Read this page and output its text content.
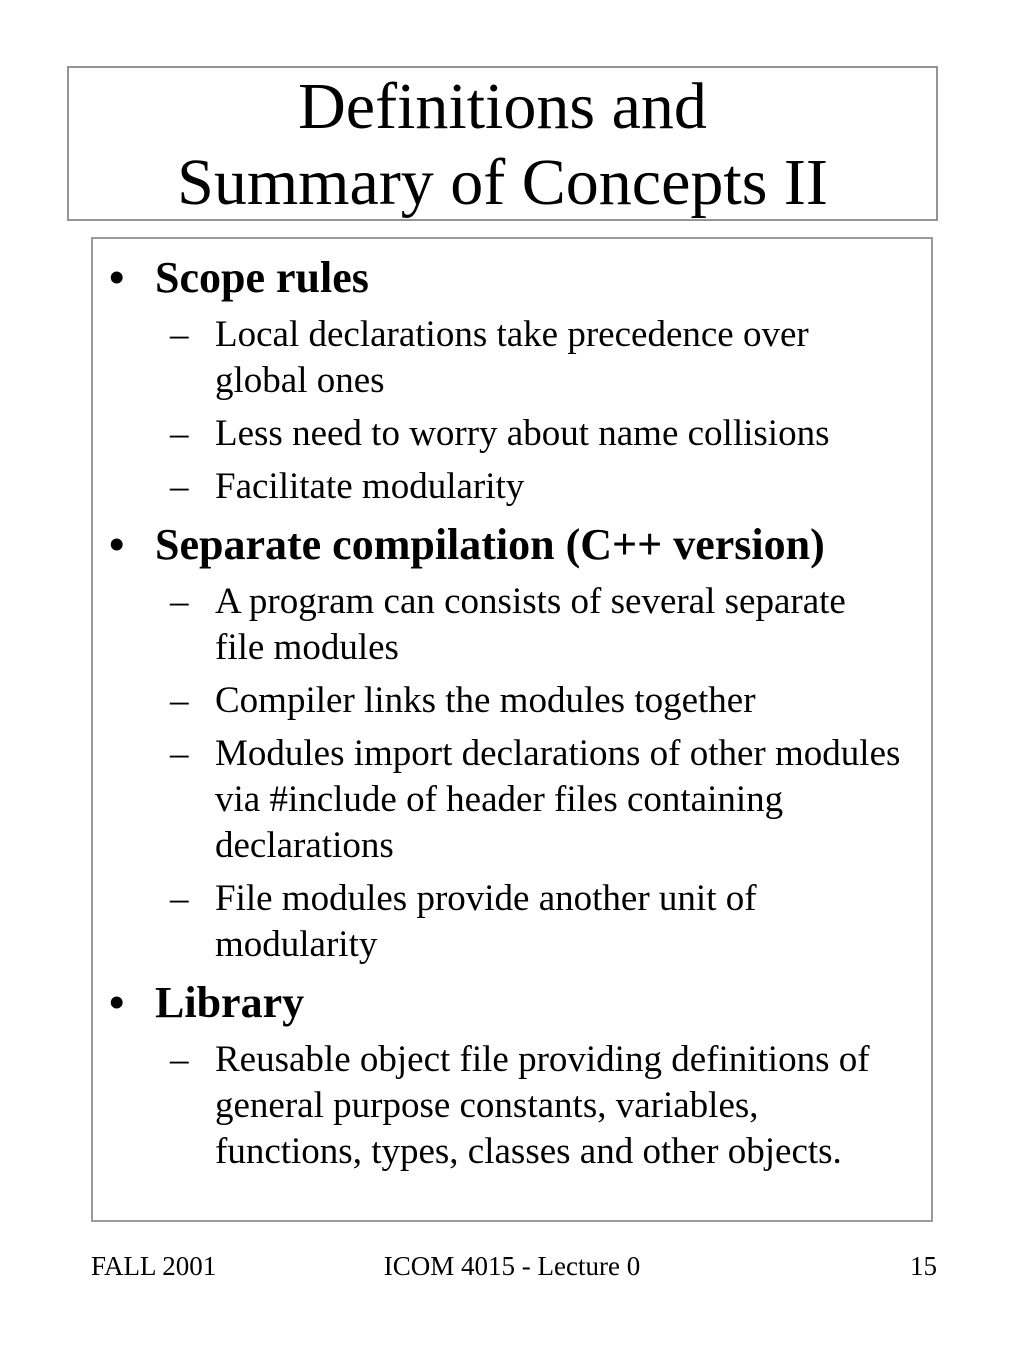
Definitions and
Summary of Concepts II
• Scope rules
– Local declarations take precedence over
global ones
– Less need to worry about name collisions
– Facilitate modularity
• Separate compilation (C++ version)
– A program can consists of several separate
file modules
– Compiler links the modules together
– Modules import declarations of other modules
via #include of header files containing
declarations
– File modules provide another unit of
modularity
• Library
– Reusable object file providing definitions of
general purpose constants, variables,
functions, types, classes and other objects.
FALL 2001	ICOM 4015 - Lecture 0	15
